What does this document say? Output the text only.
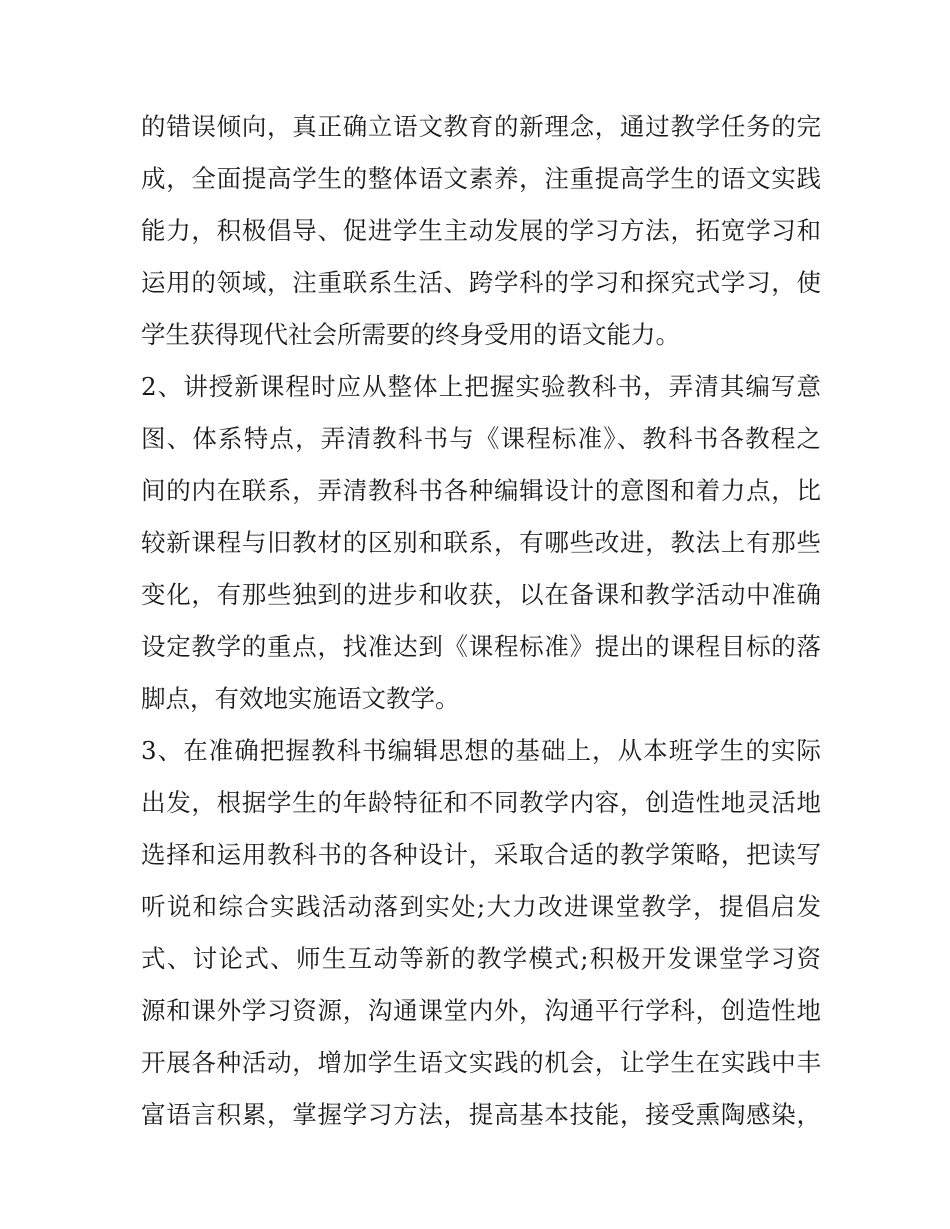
的错误倾向，真正确立语文教育的新理念，通过教学任务的完
成，全面提高学生的整体语文素养，注重提高学生的语文实践
能力，积极倡导、促进学生主动发展的学习方法，拓宽学习和
运用的领域，注重联系生活、跨学科的学习和探究式学习，使
学生获得现代社会所需要的终身受用的语文能力。
2、讲授新课程时应从整体上把握实验教科书，弄清其编写意
图、体系特点，弄清教科书与《课程标准》、教科书各教程之
间的内在联系，弄清教科书各种编辑设计的意图和着力点，比
较新课程与旧教材的区别和联系，有哪些改进，教法上有那些
变化，有那些独到的进步和收获，以在备课和教学活动中准确
设定教学的重点，找准达到《课程标准》提出的课程目标的落
脚点，有效地实施语文教学。
3、在准确把握教科书编辑思想的基础上，从本班学生的实际
出发，根据学生的年龄特征和不同教学内容，创造性地灵活地
选择和运用教科书的各种设计，采取合适的教学策略，把读写
听说和综合实践活动落到实处;大力改进课堂教学，提倡启发
式、讨论式、师生互动等新的教学模式;积极开发课堂学习资
源和课外学习资源，沟通课堂内外，沟通平行学科，创造性地
开展各种活动，增加学生语文实践的机会，让学生在实践中丰
富语言积累，掌握学习方法，提高基本技能，接受熏陶感染，
